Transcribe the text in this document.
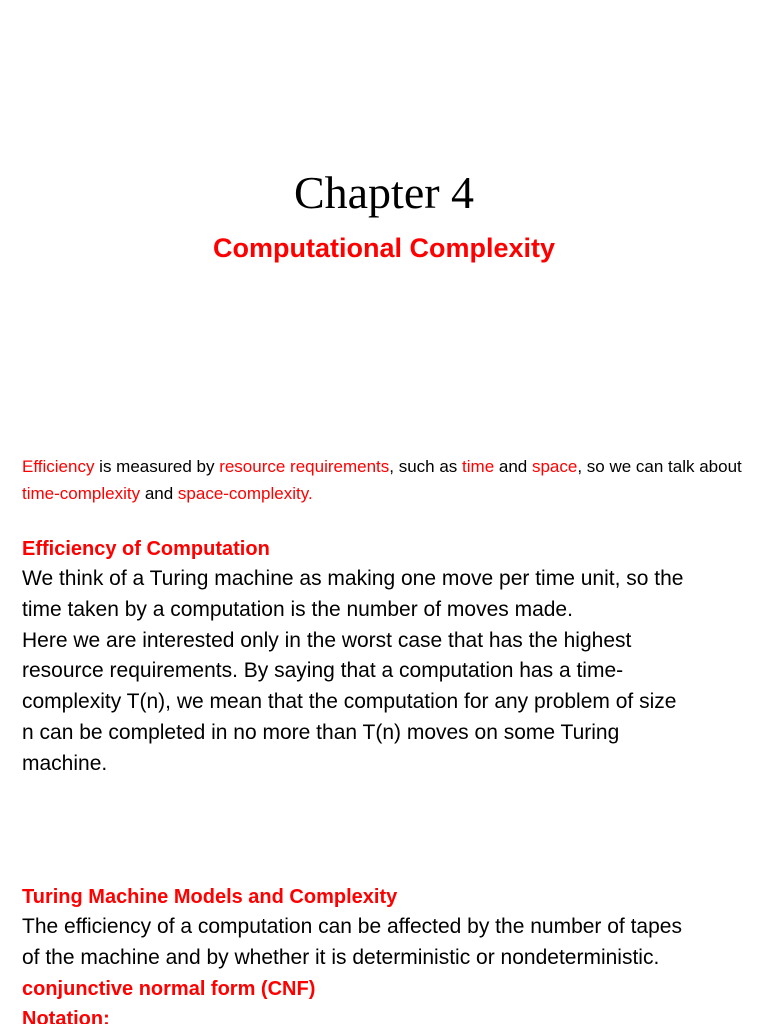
Chapter 4
Computational Complexity
Efficiency is measured by resource requirements, such as time and space, so we can talk about time-complexity and space-complexity.
Efficiency of Computation
We think of a Turing machine as making one move per time unit, so the
time taken by a computation is the number of moves made.
Here we are interested only in the worst case that has the highest
resource requirements. By saying that a computation has a time-
complexity T(n), we mean that the computation for any problem of size
n can be completed in no more than T(n) moves on some Turing
machine.
Turing Machine Models and Complexity
The efficiency of a computation can be affected by the number of tapes
of the machine and by whether it is deterministic or nondeterministic.
conjunctive normal form (CNF)
Notation:
